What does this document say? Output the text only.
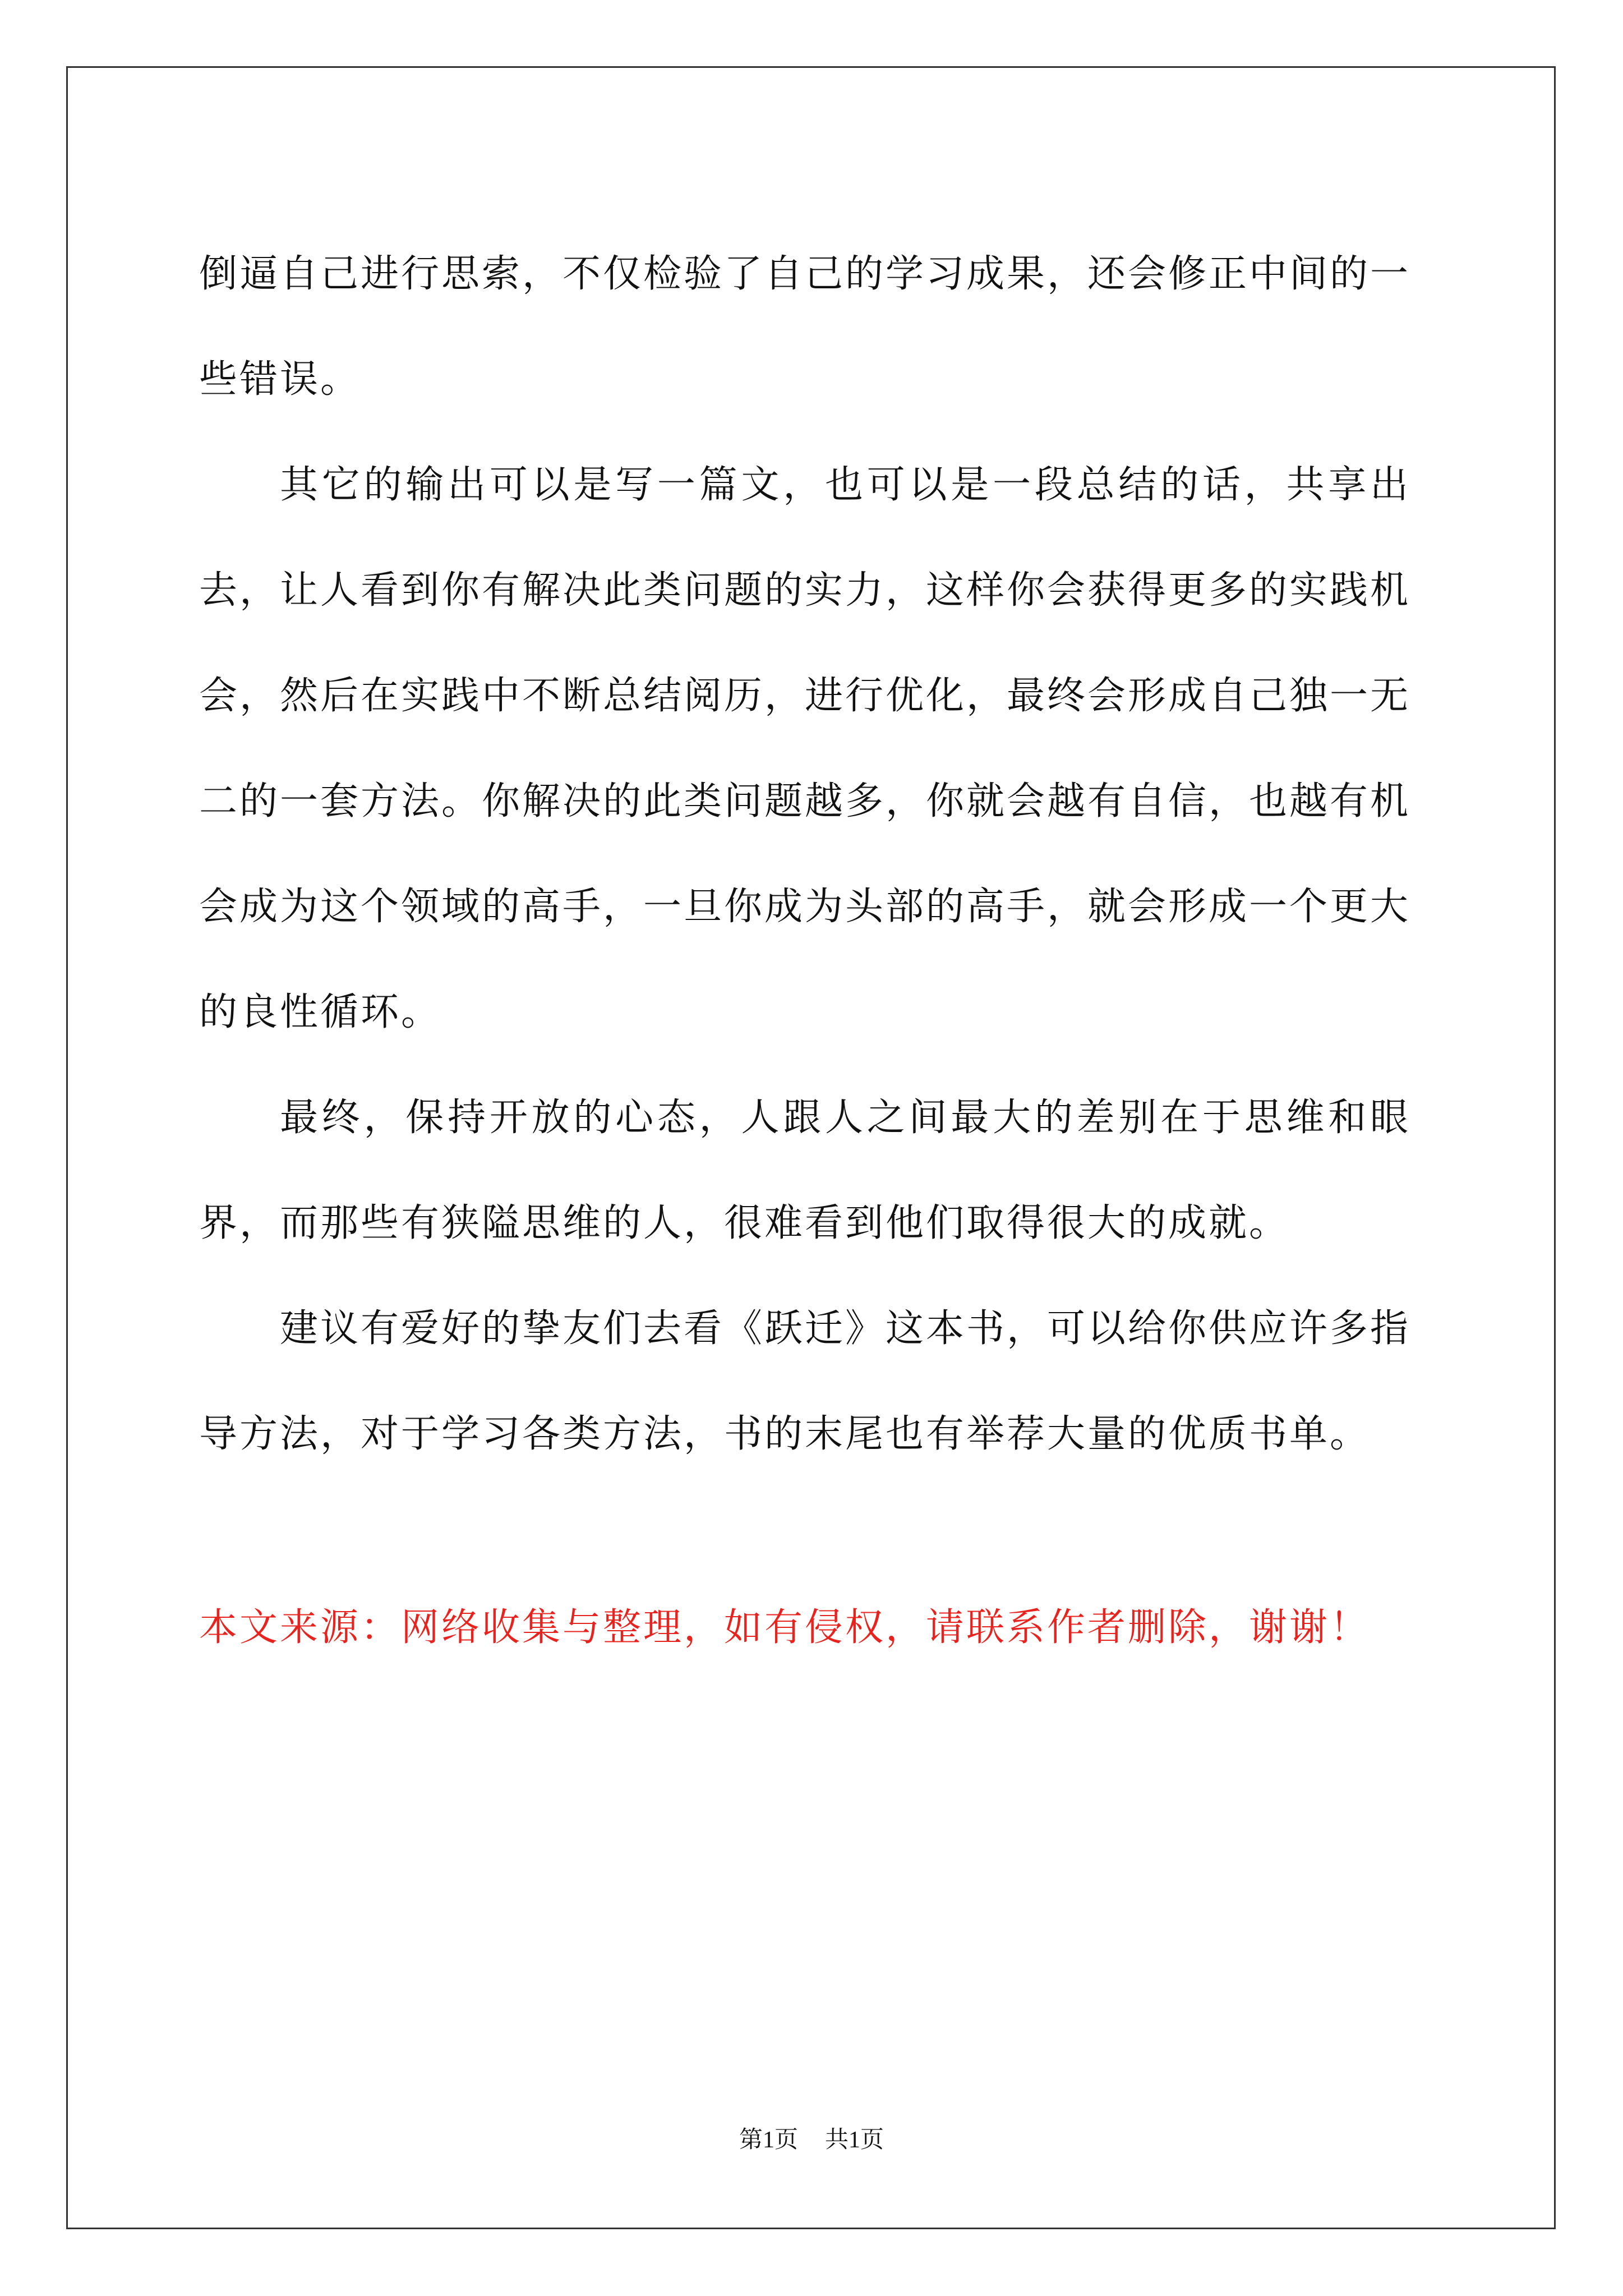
倒逼自己进行思索，不仅检验了自己的学习成果，还会修正中间的一些错误。

其它的输出可以是写一篇文，也可以是一段总结的话，共享出去，让人看到你有解决此类问题的实力，这样你会获得更多的实践机会，然后在实践中不断总结阅历，进行优化，最终会形成自己独一无二的一套方法。你解决的此类问题越多，你就会越有自信，也越有机会成为这个领域的高手，一旦你成为头部的高手，就会形成一个更大的良性循环。

最终，保持开放的心态，人跟人之间最大的差别在于思维和眼界，而那些有狭隘思维的人，很难看到他们取得很大的成就。

建议有爱好的挚友们去看《跃迁》这本书，可以给你供应许多指导方法，对于学习各类方法，书的末尾也有举荐大量的优质书单。

本文来源：网络收集与整理，如有侵权，请联系作者删除，谢谢！

第1页 共1页
